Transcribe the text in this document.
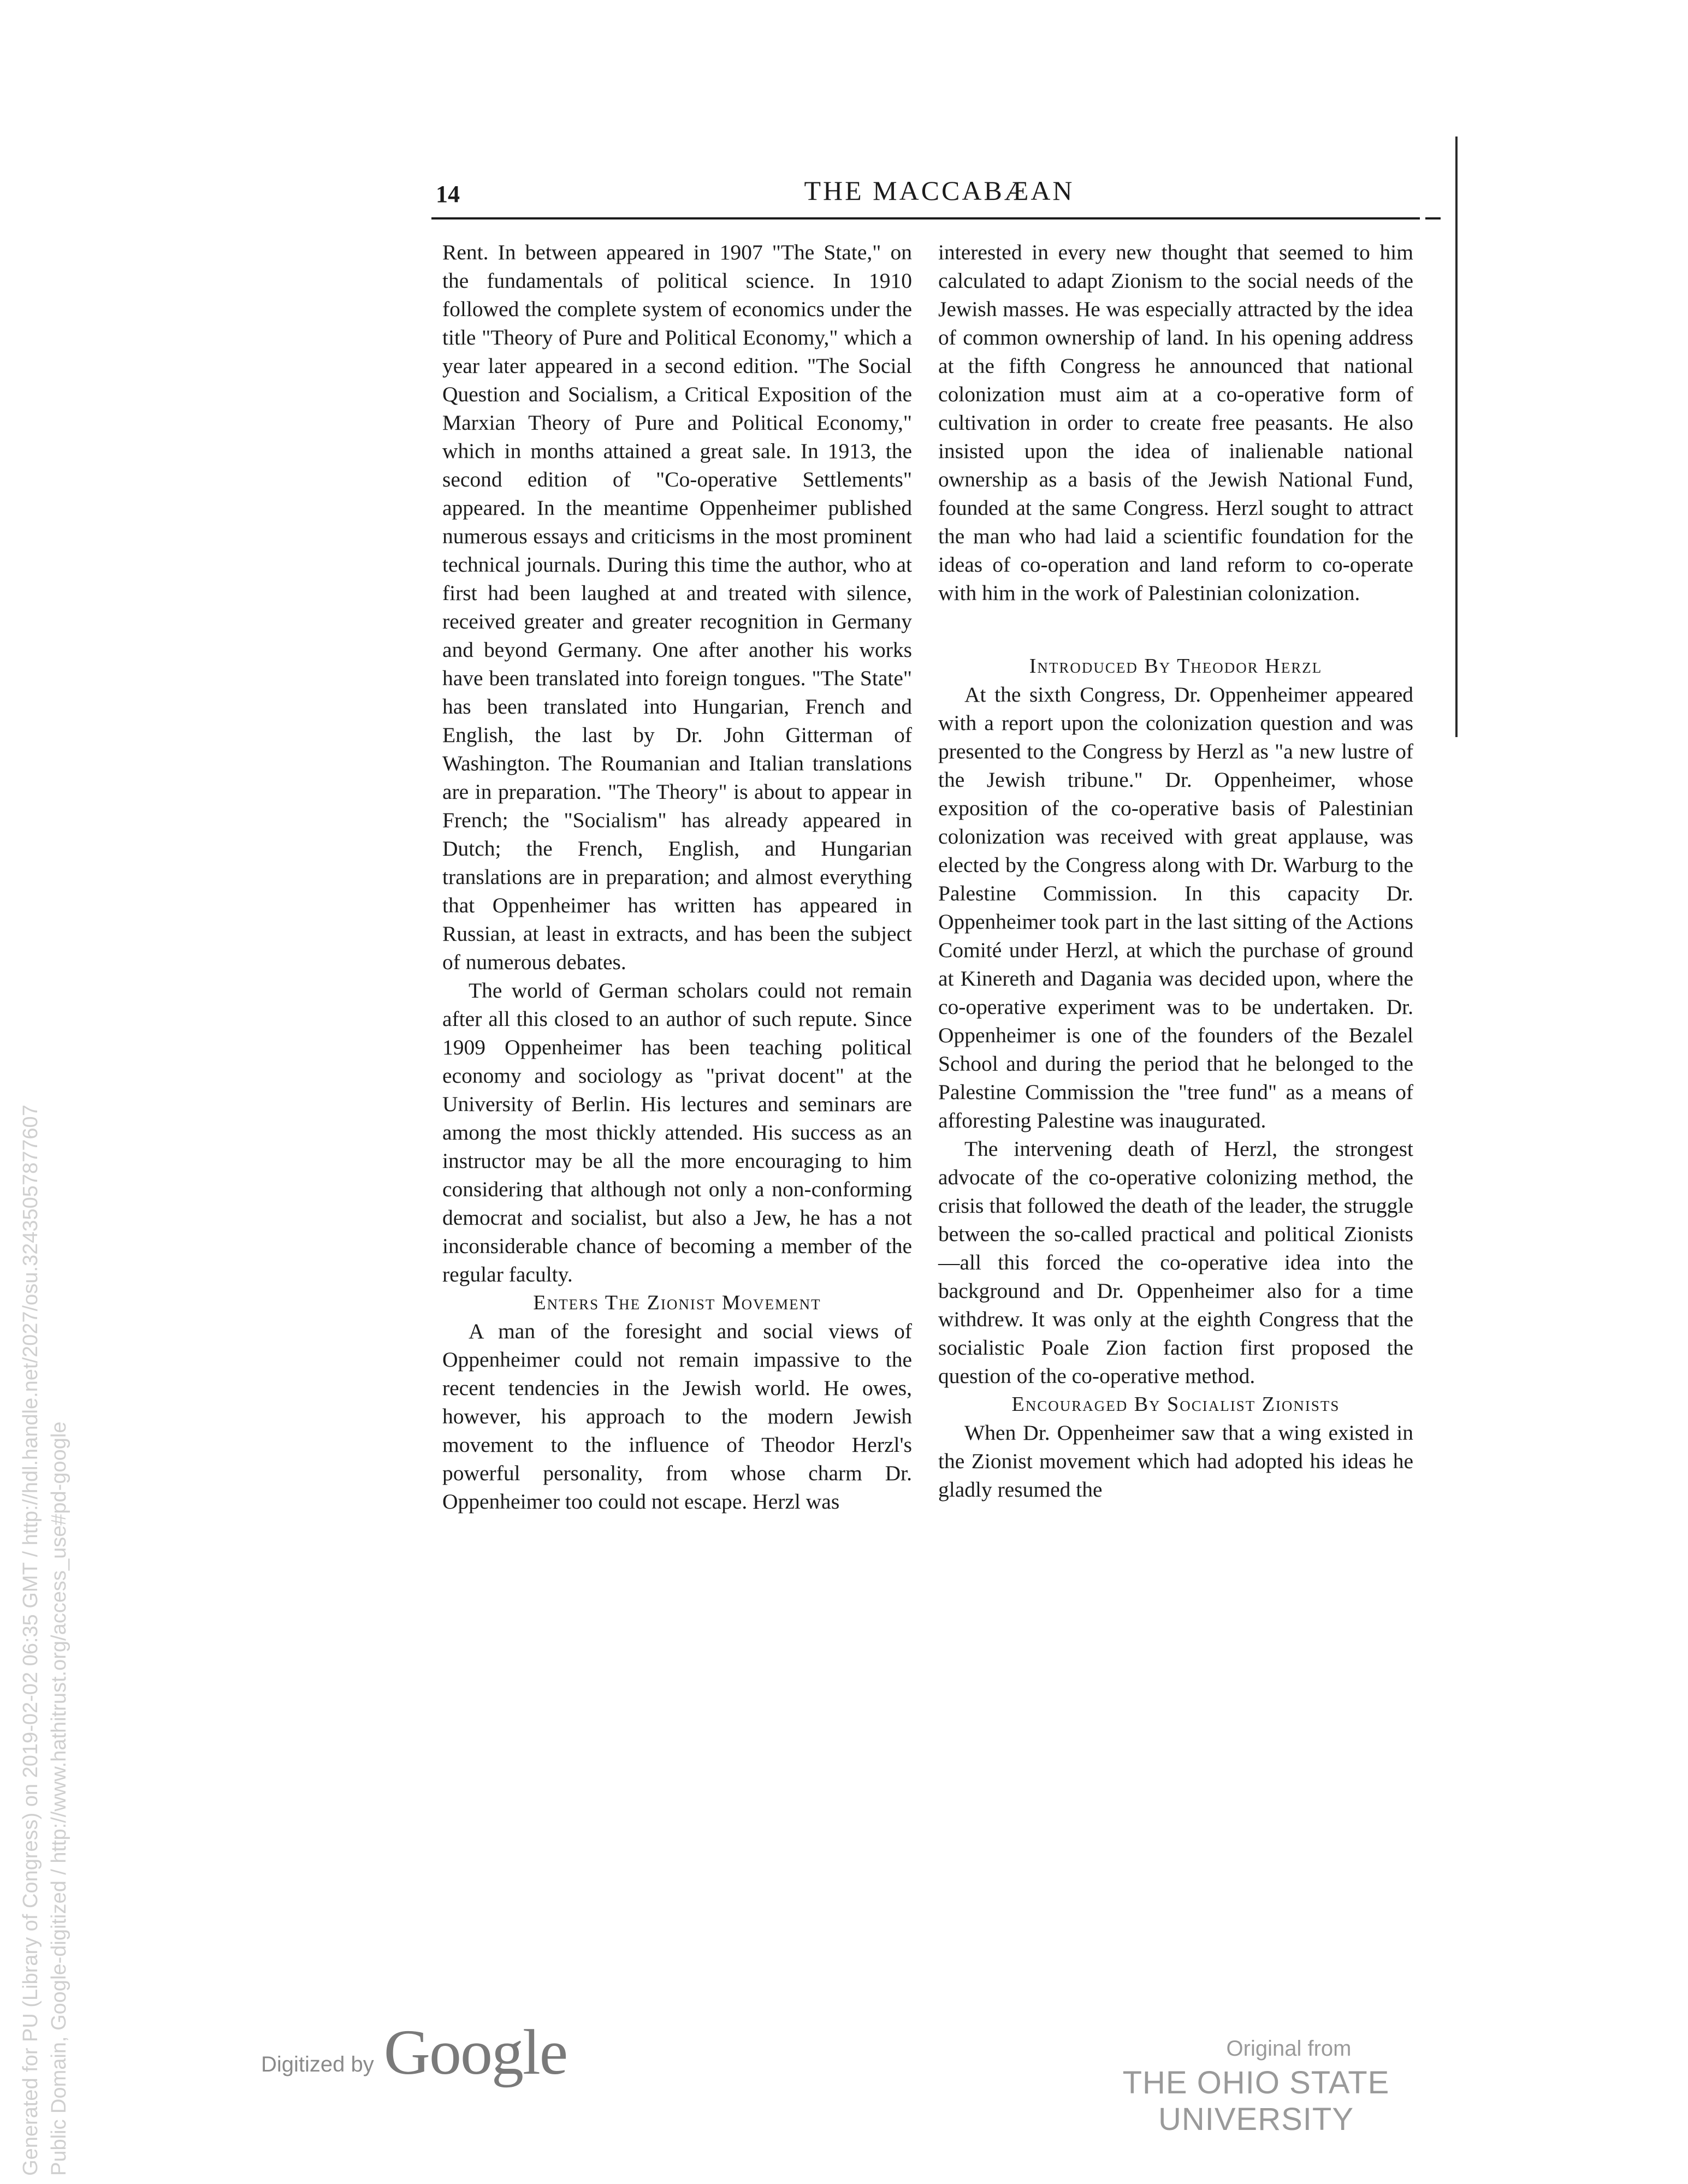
14	THE MACCABÆAN

Rent. In between appeared in 1907 "The State," on the fundamentals of political science. In 1910 followed the complete system of economics under the title "Theory of Pure and Political Economy," which a year later appeared in a second edition. "The Social Question and Socialism, a Critical Exposition of the Marxian Theory of Pure and Political Economy," which in months attained a great sale. In 1913, the second edition of "Co-operative Settlements" appeared. In the meantime Oppenheimer published numerous essays and criticisms in the most prominent technical journals. During this time the author, who at first had been laughed at and treated with silence, received greater and greater recognition in Germany and beyond Germany. One after another his works have been translated into foreign tongues. "The State" has been translated into Hungarian, French and English, the last by Dr. John Gitterman of Washington. The Roumanian and Italian translations are in preparation. "The Theory" is about to appear in French; the "Socialism" has already appeared in Dutch; the French, English, and Hungarian translations are in preparation; and almost everything that Oppenheimer has written has appeared in Russian, at least in extracts, and has been the subject of numerous debates.

The world of German scholars could not remain after all this closed to an author of such repute. Since 1909 Oppenheimer has been teaching political economy and sociology as "privat docent" at the University of Berlin. His lectures and seminars are among the most thickly attended. His success as an instructor may be all the more encouraging to him considering that although not only a non-conforming democrat and socialist, but also a Jew, he has a not inconsiderable chance of becoming a member of the regular faculty.

Enters The Zionist Movement

A man of the foresight and social views of Oppenheimer could not remain impassive to the recent tendencies in the Jewish world. He owes, however, his approach to the modern Jewish movement to the influence of Theodor Herzl's powerful personality, from whose charm Dr. Oppenheimer too could not escape. Herzl was

interested in every new thought that seemed to him calculated to adapt Zionism to the social needs of the Jewish masses. He was especially attracted by the idea of common ownership of land. In his opening address at the fifth Congress he announced that national colonization must aim at a co-operative form of cultivation in order to create free peasants. He also insisted upon the idea of inalienable national ownership as a basis of the Jewish National Fund, founded at the same Congress. Herzl sought to attract the man who had laid a scientific foundation for the ideas of co-operation and land reform to co-operate with him in the work of Palestinian colonization.

Introduced By Theodor Herzl

At the sixth Congress, Dr. Oppenheimer appeared with a report upon the colonization question and was presented to the Congress by Herzl as "a new lustre of the Jewish tribune." Dr. Oppenheimer, whose exposition of the co-operative basis of Palestinian colonization was received with great applause, was elected by the Congress along with Dr. Warburg to the Palestine Commission. In this capacity Dr. Oppenheimer took part in the last sitting of the Actions Comité under Herzl, at which the purchase of ground at Kinereth and Dagania was decided upon, where the co-operative experiment was to be undertaken. Dr. Oppenheimer is one of the founders of the Bezalel School and during the period that he belonged to the Palestine Commission the "tree fund" as a means of afforesting Palestine was inaugurated.

The intervening death of Herzl, the strongest advocate of the co-operative colonizing method, the crisis that followed the death of the leader, the struggle between the so-called practical and political Zionists—all this forced the co-operative idea into the background and Dr. Oppenheimer also for a time withdrew. It was only at the eighth Congress that the socialistic Poale Zion faction first proposed the question of the co-operative method.

Encouraged By Socialist Zionists

When Dr. Oppenheimer saw that a wing existed in the Zionist movement which had adopted his ideas he gladly resumed the

Generated for PU (Library of Congress) on 2019-02-02 06:35 GMT / http://hdl.handle.net/2027/osu.32435057877607 Public Domain, Google-digitized / http://www.hathitrust.org/access_use#pd-google	Digitized by Google	Original from
THE OHIO STATE UNIVERSITY
